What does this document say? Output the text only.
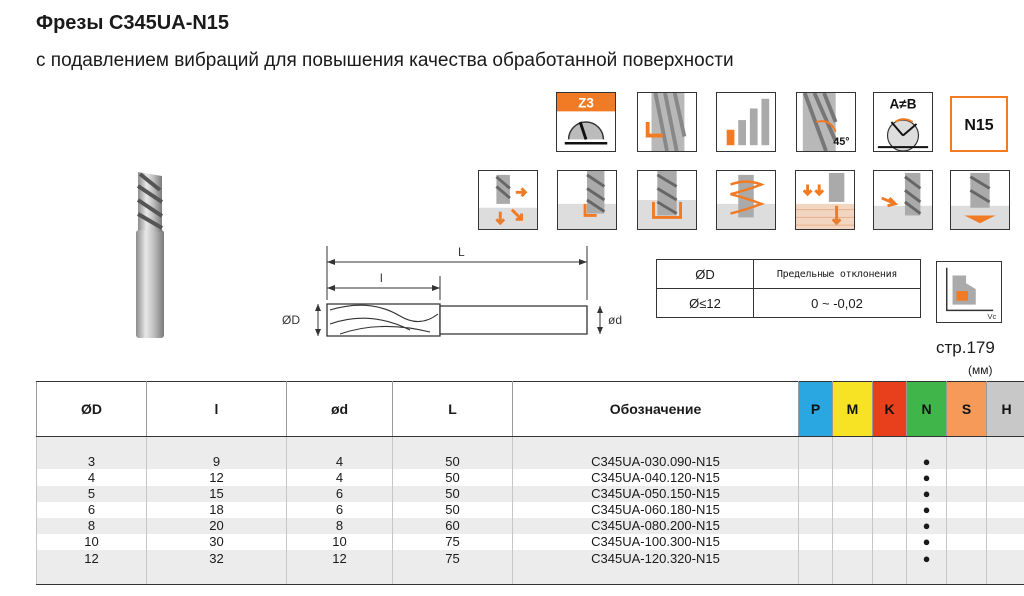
Фрезы С345UA-N15
с подавлением вибраций для повышения качества обработанной поверхности
Z3
45°
A≠B
N15
L
l
ØD	ød
ØD	Предельные отклонения
Ø≤12	0 ~ -0,02
Vc
стр.179
(мм)
ØD	l	ød	L	Обозначение	P	M	K	N	S	H

3	9	4	50	С345UA-030.090-N15				●		
4	12	4	50	С345UA-040.120-N15				●		
5	15	6	50	С345UA-050.150-N15				●		
6	18	6	50	С345UA-060.180-N15				●		
8	20	8	60	С345UA-080.200-N15				●		
10	30	10	75	С345UA-100.300-N15				●		
12	32	12	75	С345UA-120.320-N15				●		
